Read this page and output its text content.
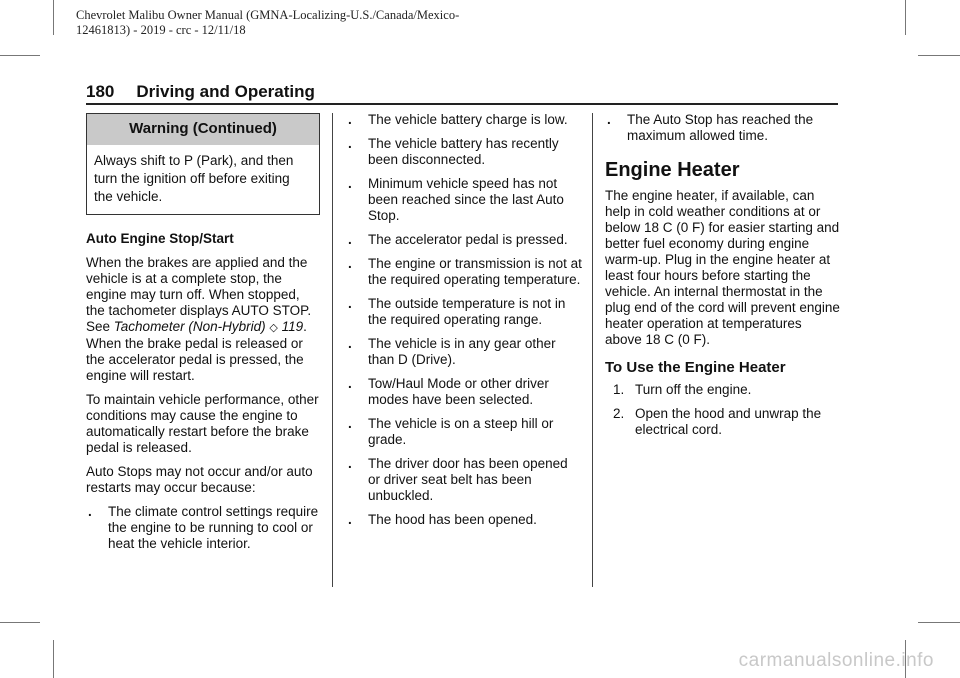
Chevrolet Malibu Owner Manual (GMNA-Localizing-U.S./Canada/Mexico-
12461813) - 2019 - crc - 12/11/18
180 Driving and Operating
Warning (Continued)
Always shift to P (Park), and then turn the ignition off before exiting the vehicle.
Auto Engine Stop/Start

When the brakes are applied and the vehicle is at a complete stop, the engine may turn off. When stopped, the tachometer displays AUTO STOP. See Tachometer (Non-Hybrid) ◇ 119. When the brake pedal is released or the accelerator pedal is pressed, the engine will restart.

To maintain vehicle performance, other conditions may cause the engine to automatically restart before the brake pedal is released.

Auto Stops may not occur and/or auto restarts may occur because:

. The climate control settings require the engine to be running to cool or heat the vehicle interior.
. The vehicle battery charge is low.
. The vehicle battery has recently been disconnected.
. Minimum vehicle speed has not been reached since the last Auto Stop.
. The accelerator pedal is pressed.
. The engine or transmission is not at the required operating temperature.
. The outside temperature is not in the required operating range.
. The vehicle is in any gear other than D (Drive).
. Tow/Haul Mode or other driver modes have been selected.
. The vehicle is on a steep hill or grade.
. The driver door has been opened or driver seat belt has been unbuckled.
. The hood has been opened.
. The Auto Stop has reached the maximum allowed time.
Engine Heater

The engine heater, if available, can help in cold weather conditions at or below 18 C (0 F) for easier starting and better fuel economy during engine warm-up. Plug in the engine heater at least four hours before starting the vehicle. An internal thermostat in the plug end of the cord will prevent engine heater operation at temperatures above 18 C (0 F).

To Use the Engine Heater
1. Turn off the engine.
2. Open the hood and unwrap the electrical cord.
carmanualsonline.info
